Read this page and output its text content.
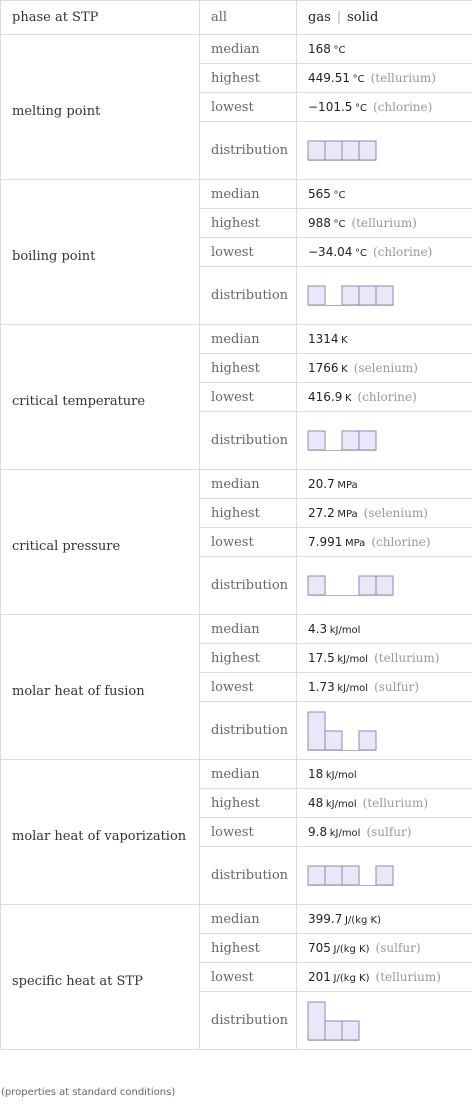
phase at STP	all	gas | solid

melting point	median	168  °C

	highest	449.51  °C (tellurium)

	lowest	−101.5  °C (chlorine)

	distribution

boiling point	median	565  °C

	highest	988  °C (tellurium)

	lowest	−34.04  °C (chlorine)

	distribution

critical temperature	median	1314  K

	highest	1766  K (selenium)

	lowest	416.9  K (chlorine)

	distribution

critical pressure	median	20.7  MPa

	highest	27.2  MPa (selenium)

	lowest	7.991  MPa (chlorine)

	distribution

molar heat of fusion	median	4.3  kJ/mol

	highest	17.5  kJ/mol (tellurium)

	lowest	1.73  kJ/mol (sulfur)

	distribution

molar heat of vaporization	median	18  kJ/mol

	highest	48  kJ/mol (tellurium)

	lowest	9.8  kJ/mol (sulfur)

	distribution

specific heat at STP	median	399.7  J/(kg K)

	highest	705  J/(kg K) (sulfur)

	lowest	201  J/(kg K) (tellurium)

	distribution

(properties at standard conditions)
